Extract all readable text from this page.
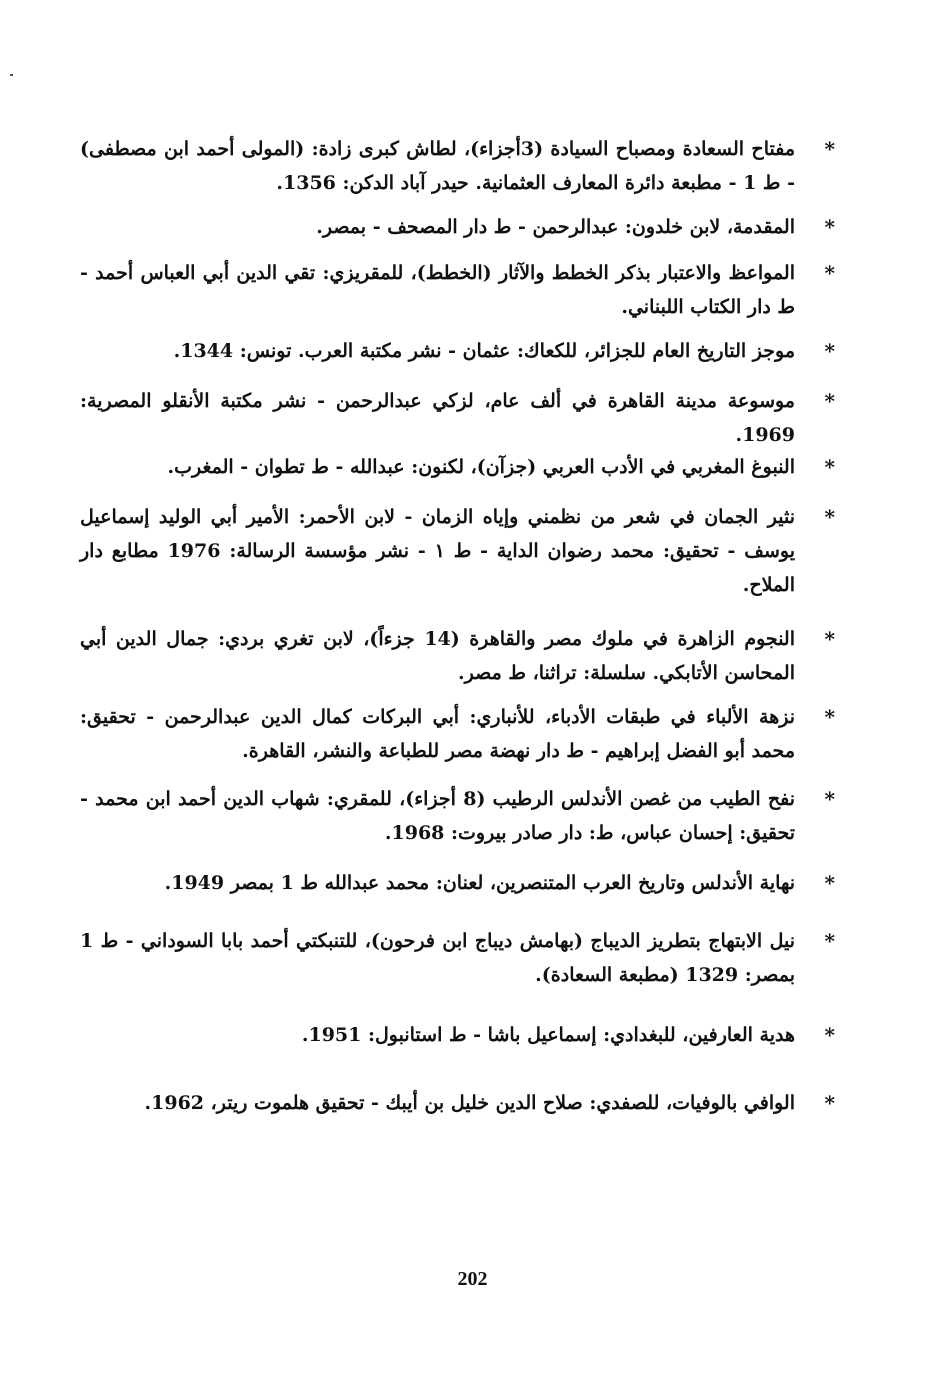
*
مفتاح السعادة ومصباح السيادة (3أجزاء)، لطاش كبرى زادة: (المولى أحمد ابن مصطفى) - ط 1 - مطبعة دائرة المعارف العثمانية. حيدر آباد الدكن: 1356.
*
المقدمة، لابن خلدون: عبدالرحمن - ط دار المصحف - بمصر.
*
المواعظ والاعتبار بذكر الخطط والآثار (الخطط)، للمقريزي: تقي الدين أبي العباس أحمد - ط دار الكتاب اللبناني.
*
موجز التاريخ العام للجزائر، للكعاك: عثمان - نشر مكتبة العرب. تونس: 1344.
*
موسوعة مدينة القاهرة في ألف عام، لزكي عبدالرحمن - نشر مكتبة الأنقلو المصرية: 1969.
*
النبوغ المغربي في الأدب العربي (جزآن)، لكنون: عبدالله - ط تطوان - المغرب.
*
نثير الجمان في شعر من نظمني وإياه الزمان - لابن الأحمر: الأمير أبي الوليد إسماعيل يوسف - تحقيق: محمد رضوان الداية - ط ١ - نشر مؤسسة الرسالة: 1976 مطابع دار الملاح.
*
النجوم الزاهرة في ملوك مصر والقاهرة (14 جزءاً)، لابن تغري بردي: جمال الدين أبي المحاسن الأتابكي. سلسلة: تراثنا، ط مصر.
*
نزهة الألباء في طبقات الأدباء، للأنباري: أبي البركات كمال الدين عبدالرحمن - تحقيق: محمد أبو الفضل إبراهيم - ط دار نهضة مصر للطباعة والنشر، القاهرة.
*
نفح الطيب من غصن الأندلس الرطيب (8 أجزاء)، للمقري: شهاب الدين أحمد ابن محمد - تحقيق: إحسان عباس، ط: دار صادر بيروت: 1968.
*
نهاية الأندلس وتاريخ العرب المتنصرين، لعنان: محمد عبدالله ط 1 بمصر 1949.
*
نيل الابتهاج بتطريز الديباج (بهامش ديباج ابن فرحون)، للتنبكتي أحمد بابا السوداني - ط 1 بمصر: 1329 (مطبعة السعادة).
*
هدية العارفين، للبغدادي: إسماعيل باشا - ط استانبول: 1951.
*
الوافي بالوفيات، للصفدي: صلاح الدين خليل بن أيبك - تحقيق هلموت ريتر، 1962.
202
